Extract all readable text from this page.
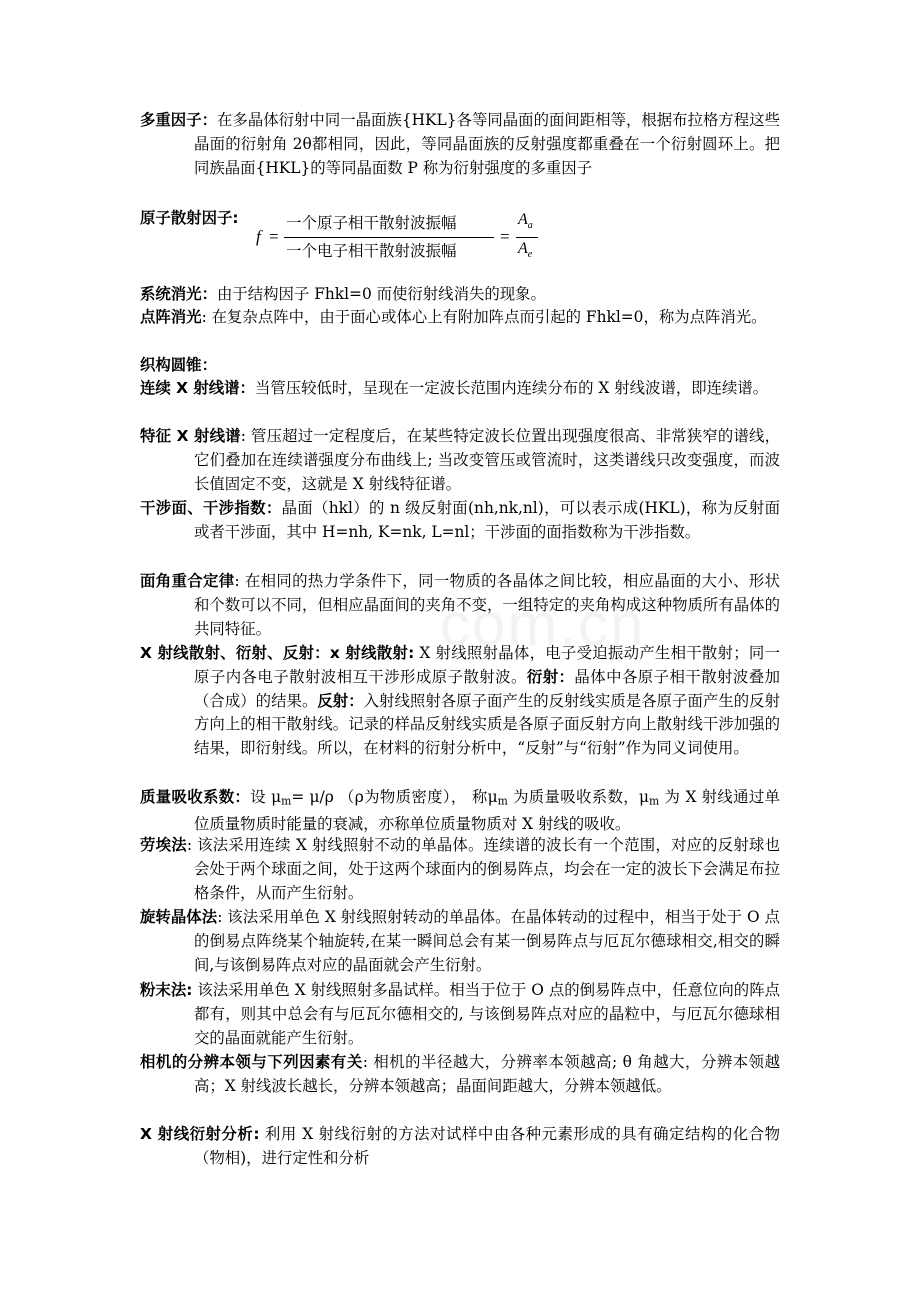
多重因子：在多晶体衍射中同一晶面族{HKL}各等同晶面的面间距相等，根据布拉格方程这些晶面的衍射角 2θ都相同，因此，等同晶面族的反射强度都重叠在一个衍射圆环上。把同族晶面{HKL}的等同晶面数 P 称为衍射强度的多重因子

原子散射因子:

f =
一个原子相干散射波振幅
一个电子相干散射波振幅
=
$A_a$
$A_e$

系统消光：由于结构因子 Fhkl=0 而使衍射线消失的现象。

点阵消光: 在复杂点阵中，由于面心或体心上有附加阵点而引起的 Fhkl=0，称为点阵消光。

织构圆锥：

连续 X 射线谱：当管压较低时，呈现在一定波长范围内连续分布的 X 射线波谱，即连续谱。

特征 X 射线谱: 管压超过一定程度后，在某些特定波长位置出现强度很高、非常狭窄的谱线，它们叠加在连续谱强度分布曲线上; 当改变管压或管流时，这类谱线只改变强度，而波长值固定不变，这就是 X 射线特征谱。

干涉面、干涉指数：晶面（hkl）的 n 级反射面(nh,nk,nl)，可以表示成(HKL)，称为反射面或者干涉面，其中 H=nh, K=nk, L=nl；干涉面的面指数称为干涉指数。

面角重合定律: 在相同的热力学条件下，同一物质的各晶体之间比较，相应晶面的大小、形状和个数可以不同，但相应晶面间的夹角不变，一组特定的夹角构成这种物质所有晶体的共同特征。

X 射线散射、衍射、反射：x 射线散射: X 射线照射晶体，电子受迫振动产生相干散射；同一原子内各电子散射波相互干涉形成原子散射波。衍射：晶体中各原子相干散射波叠加（合成）的结果。反射：入射线照射各原子面产生的反射线实质是各原子面产生的反射方向上的相干散射线。记录的样品反射线实质是各原子面反射方向上散射线干涉加强的结果，即衍射线。所以，在材料的衍射分析中，“反射”与“衍射”作为同义词使用。

质量吸收系数：设 $\mu_m= \mu/\rho$ （ρ为物质密度）， 称$\mu_m$ 为质量吸收系数，$\mu_m$ 为 X 射线通过单位质量物质时能量的衰减，亦称单位质量物质对 X 射线的吸收。

劳埃法: 该法采用连续 X 射线照射不动的单晶体。连续谱的波长有一个范围，对应的反射球也会处于两个球面之间，处于这两个球面内的倒易阵点，均会在一定的波长下会满足布拉格条件，从而产生衍射。

旋转晶体法: 该法采用单色 X 射线照射转动的单晶体。在晶体转动的过程中，相当于处于 O 点的倒易点阵绕某个轴旋转,在某一瞬间总会有某一倒易阵点与厄瓦尔德球相交,相交的瞬间,与该倒易阵点对应的晶面就会产生衍射。

粉末法: 该法采用单色 X 射线照射多晶试样。相当于位于 O 点的倒易阵点中，任意位向的阵点都有，则其中总会有与厄瓦尔德相交的, 与该倒易阵点对应的晶粒中，与厄瓦尔德球相交的晶面就能产生衍射。

相机的分辨本领与下列因素有关: 相机的半径越大，分辨率本领越高; θ 角越大，分辨本领越高；X 射线波长越长，分辨本领越高；晶面间距越大，分辨本领越低。

X 射线衍射分析: 利用 X 射线衍射的方法对试样中由各种元素形成的具有确定结构的化合物（物相)，进行定性和分析
